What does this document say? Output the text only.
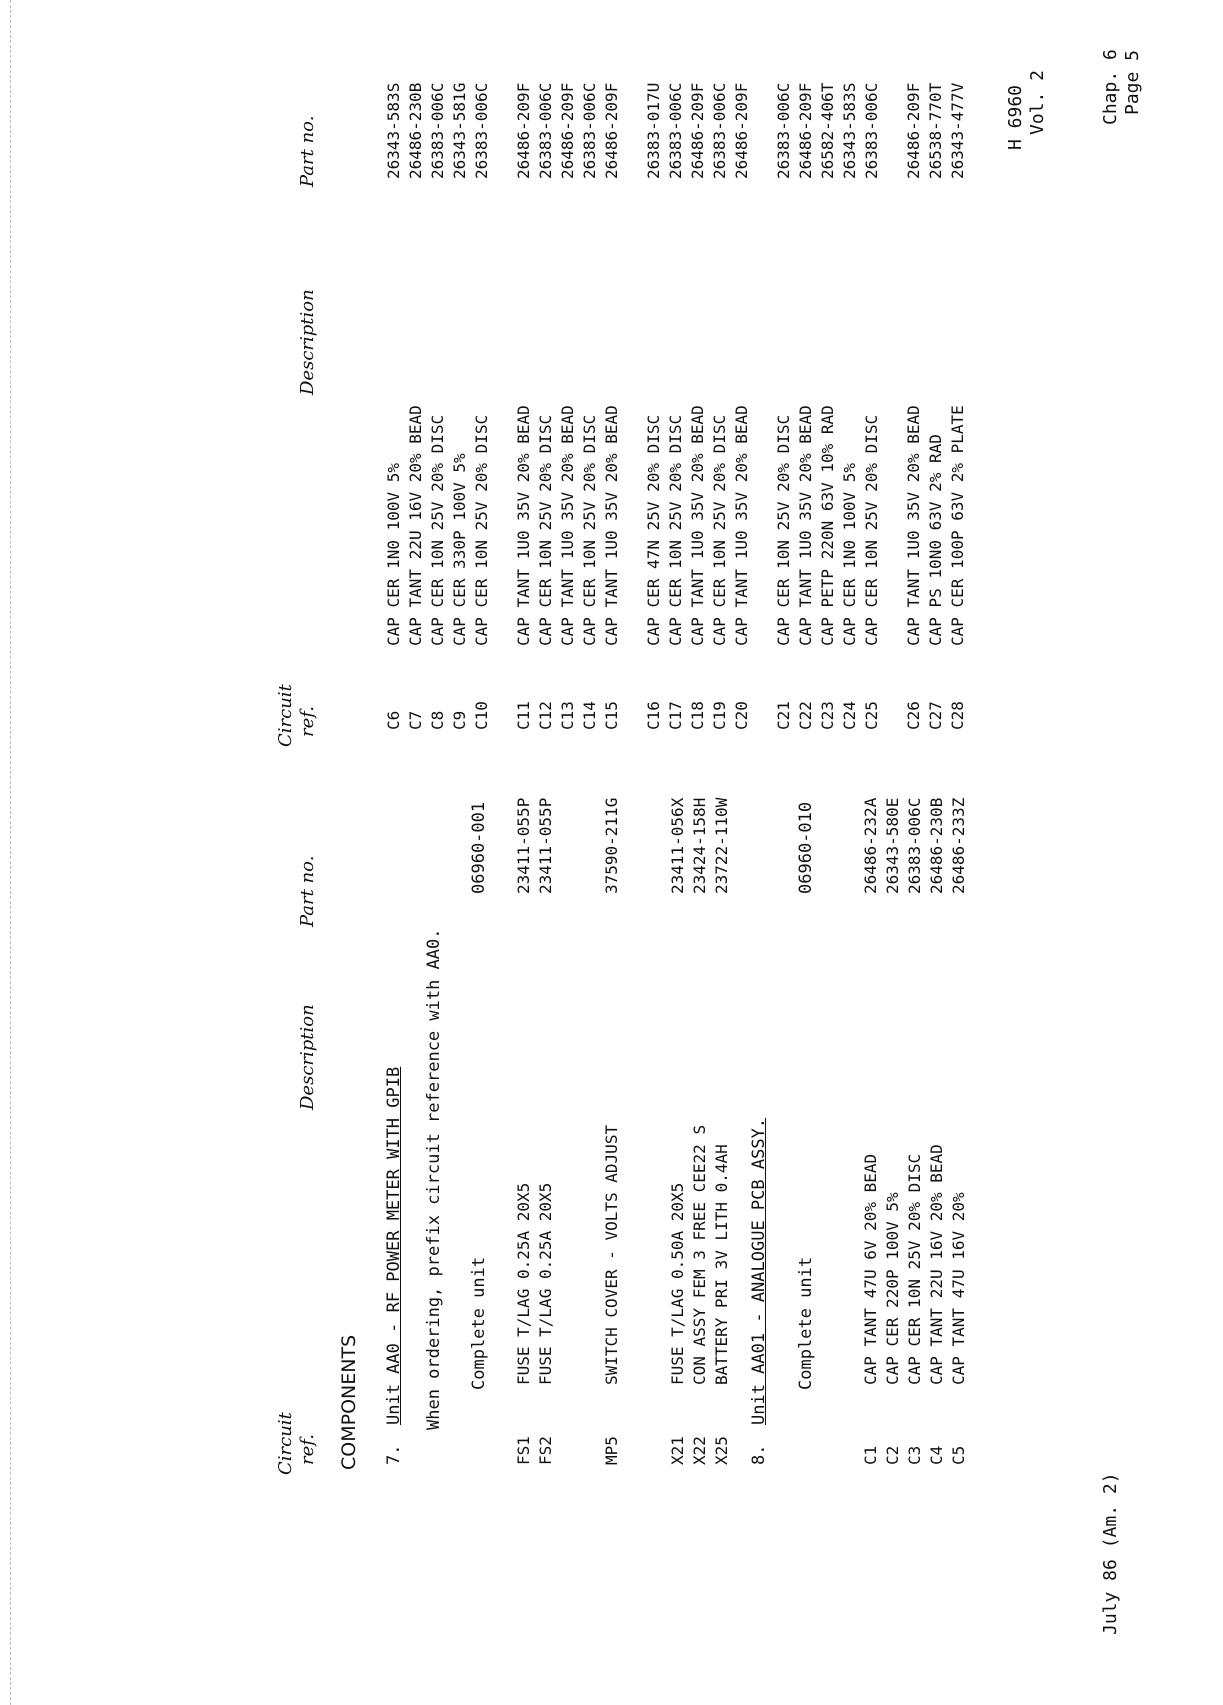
H 6960 Vol. 2	Chap. 6 Page 5
July 86 (Am. 2)
Circuit ref.
Description
Part no.
Circuit ref.
Description
Part no.
COMPONENTS 7.
Unit AA0 - RF POWER METER WITH GPIB When ordering, prefix circuit reference with AA0. Complete unit
06960-001
FS1
FUSE T/LAG 0.25A 20X5
23411-055P
FS2
FUSE T/LAG 0.25A 20X5
23411-055P
MP5
SWITCH COVER - VOLTS ADJUST
37590-211G
X21
FUSE T/LAG 0.50A 20X5
23411-056X
X22
CON ASSY FEM 3 FREE CEE22 S
23424-158H
X25
BATTERY PRI 3V LITH 0.4AH
23722-110W
8.
Unit AA01 - ANALOGUE PCB ASSY. Complete unit
06960-010
C1
CAP TANT 47U 6V 20% BEAD
26486-232A
C2
CAP CER 220P 100V 5%
26343-580E
C3
CAP CER 10N 25V 20% DISC
26383-006C
C4
CAP TANT 22U 16V 20% BEAD
26486-230B
C5
CAP TANT 47U 16V 20%
26486-233Z
C6
CAP CER 1N0 100V 5%
26343-583S
C7
CAP TANT 22U 16V 20% BEAD
26486-230B
C8
CAP CER 10N 25V 20% DISC
26383-006C
C9
CAP CER 330P 100V 5%
26343-581G
C10
CAP CER 10N 25V 20% DISC
26383-006C
C11
CAP TANT 1U0 35V 20% BEAD
26486-209F
C12
CAP CER 10N 25V 20% DISC
26383-006C
C13
CAP TANT 1U0 35V 20% BEAD
26486-209F
C14
CAP CER 10N 25V 20% DISC
26383-006C
C15
CAP TANT 1U0 35V 20% BEAD
26486-209F
C16
CAP CER 47N 25V 20% DISC
26383-017U
C17
CAP CER 10N 25V 20% DISC
26383-006C
C18
CAP TANT 1U0 35V 20% BEAD
26486-209F
C19
CAP CER 10N 25V 20% DISC
26383-006C
C20
CAP TANT 1U0 35V 20% BEAD
26486-209F
C21
CAP CER 10N 25V 20% DISC
26383-006C
C22
CAP TANT 1U0 35V 20% BEAD
26486-209F
C23
CAP PETP 220N 63V 10% RAD
26582-406T
C24
CAP CER 1N0 100V 5%
26343-583S
C25
CAP CER 10N 25V 20% DISC
26383-006C
C26
CAP TANT 1U0 35V 20% BEAD
26486-209F
C27
CAP PS 10N0 63V 2% RAD
26538-770T
C28
CAP CER 100P 63V 2% PLATE
26343-477V
